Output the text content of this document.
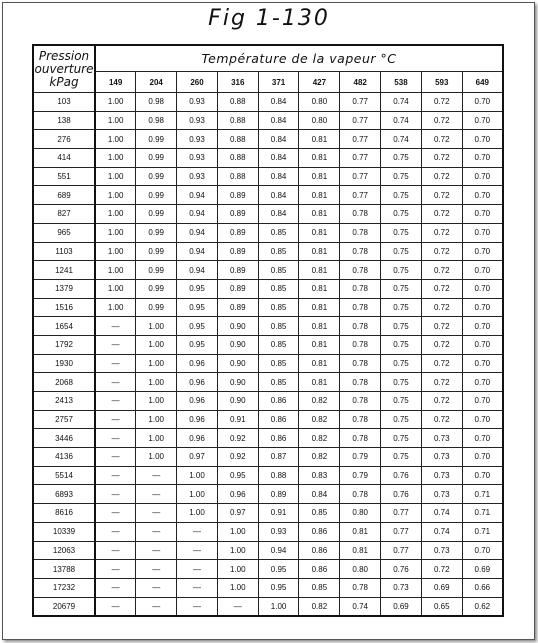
Fig 1-130
Pression ouverture kPag	Température de la vapeur °C									
	149	204	260	316	371	427	482	538	593	649
103	1.00	0.98	0.93	0.88	0.84	0.80	0.77	0.74	0.72	0.70
138	1.00	0.98	0.93	0.88	0.84	0.80	0.77	0.74	0.72	0.70
276	1.00	0.99	0.93	0.88	0.84	0.81	0.77	0.74	0.72	0.70
414	1.00	0.99	0.93	0.88	0.84	0.81	0.77	0.75	0.72	0.70
551	1.00	0.99	0.93	0.88	0.84	0.81	0.77	0.75	0.72	0.70
689	1.00	0.99	0.94	0.89	0.84	0.81	0.77	0.75	0.72	0.70
827	1.00	0.99	0.94	0.89	0.84	0.81	0.78	0.75	0.72	0.70
965	1.00	0.99	0.94	0.89	0.85	0.81	0.78	0.75	0.72	0.70
1103	1.00	0.99	0.94	0.89	0.85	0.81	0.78	0.75	0.72	0.70
1241	1.00	0.99	0.94	0.89	0.85	0.81	0.78	0.75	0.72	0.70
1379	1.00	0.99	0.95	0.89	0.85	0.81	0.78	0.75	0.72	0.70
1516	1.00	0.99	0.95	0.89	0.85	0.81	0.78	0.75	0.72	0.70
1654	—	1.00	0.95	0.90	0.85	0.81	0.78	0.75	0.72	0.70
1792	—	1.00	0.95	0.90	0.85	0.81	0.78	0.75	0.72	0.70
1930	—	1.00	0.96	0.90	0.85	0.81	0.78	0.75	0.72	0.70
2068	—	1.00	0.96	0.90	0.85	0.81	0.78	0.75	0.72	0.70
2413	—	1.00	0.96	0.90	0.86	0.82	0.78	0.75	0.72	0.70
2757	—	1.00	0.96	0.91	0.86	0.82	0.78	0.75	0.72	0.70
3446	—	1.00	0.96	0.92	0.86	0.82	0.78	0.75	0.73	0.70
4136	—	1.00	0.97	0.92	0.87	0.82	0.79	0.75	0.73	0.70
5514	—	—	1.00	0.95	0.88	0.83	0.79	0.76	0.73	0.70
6893	—	—	1.00	0.96	0.89	0.84	0.78	0.76	0.73	0.71
8616	—	—	1.00	0.97	0.91	0.85	0.80	0.77	0.74	0.71
10339	—	—	—	1.00	0.93	0.86	0.81	0.77	0.74	0.71
12063	—	—	—	1.00	0.94	0.86	0.81	0.77	0.73	0.70
13788	—	—	—	1.00	0.95	0.86	0.80	0.76	0.72	0.69
17232	—	—	—	1.00	0.95	0.85	0.78	0.73	0.69	0.66
20679	—	—	—	—	1.00	0.82	0.74	0.69	0.65	0.62
